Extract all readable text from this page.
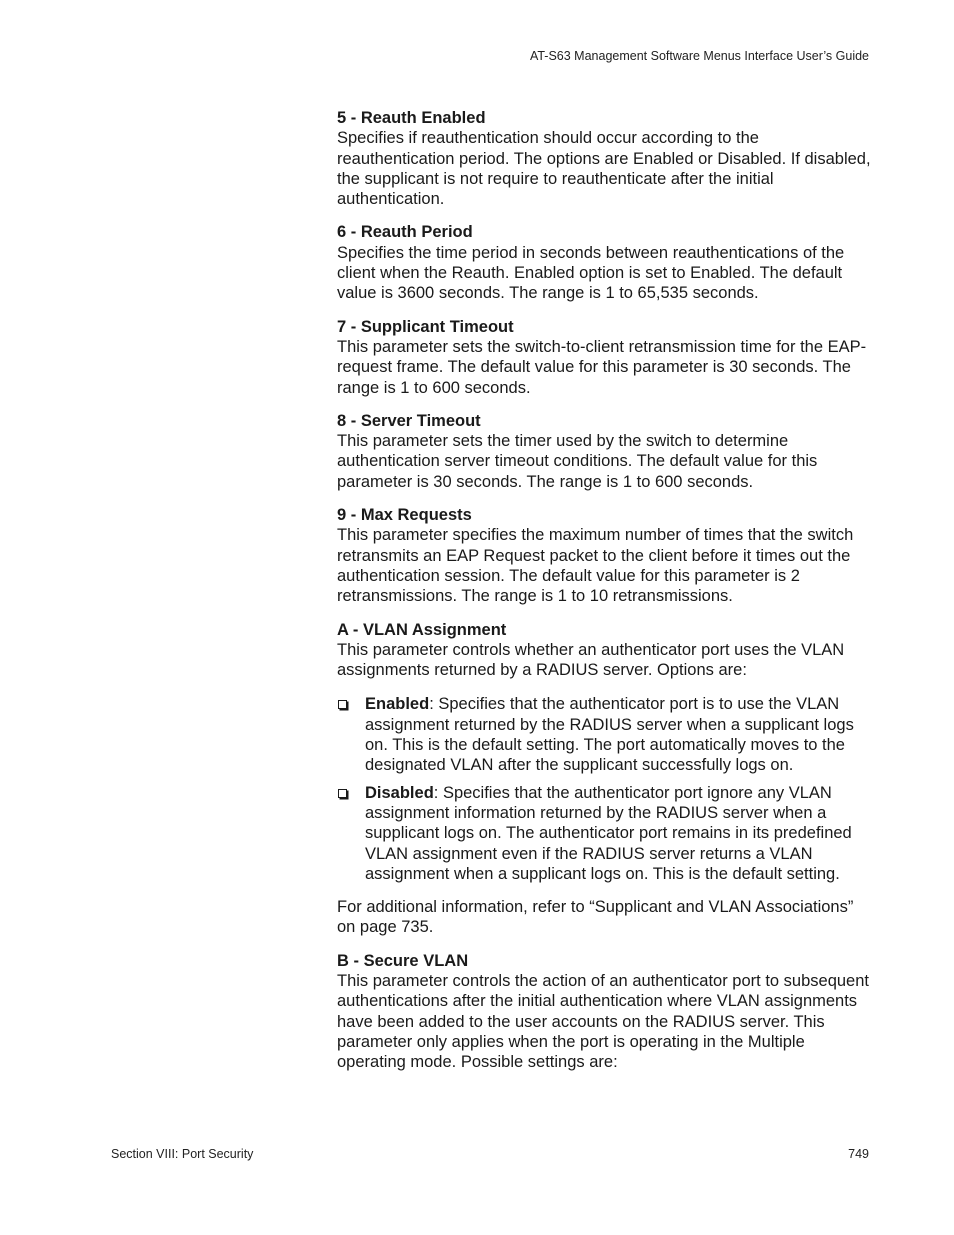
AT-S63 Management Software Menus Interface User’s Guide
5 - Reauth Enabled

Specifies if reauthentication should occur according to the reauthentication period. The options are Enabled or Disabled. If disabled, the supplicant is not require to reauthenticate after the initial authentication.

6 - Reauth Period

Specifies the time period in seconds between reauthentications of the client when the Reauth. Enabled option is set to Enabled. The default value is 3600 seconds. The range is 1 to 65,535 seconds.

7 - Supplicant Timeout

This parameter sets the switch-to-client retransmission time for the EAP-request frame. The default value for this parameter is 30 seconds. The range is 1 to 600 seconds.

8 - Server Timeout

This parameter sets the timer used by the switch to determine authentication server timeout conditions. The default value for this parameter is 30 seconds. The range is 1 to 600 seconds.

9 - Max Requests

This parameter specifies the maximum number of times that the switch retransmits an EAP Request packet to the client before it times out the authentication session. The default value for this parameter is 2 retransmissions. The range is 1 to 10 retransmissions.

A - VLAN Assignment

This parameter controls whether an authenticator port uses the VLAN assignments returned by a RADIUS server. Options are:

Enabled: Specifies that the authenticator port is to use the VLAN assignment returned by the RADIUS server when a supplicant logs on. This is the default setting. The port automatically moves to the designated VLAN after the supplicant successfully logs on.
Disabled: Specifies that the authenticator port ignore any VLAN assignment information returned by the RADIUS server when a supplicant logs on. The authenticator port remains in its predefined VLAN assignment even if the RADIUS server returns a VLAN assignment when a supplicant logs on. This is the default setting.

For additional information, refer to “Supplicant and VLAN Associations” on page 735.

B - Secure VLAN

This parameter controls the action of an authenticator port to subsequent authentications after the initial authentication where VLAN assignments have been added to the user accounts on the RADIUS server. This parameter only applies when the port is operating in the Multiple operating mode. Possible settings are:

Section VIII: Port Security	749
